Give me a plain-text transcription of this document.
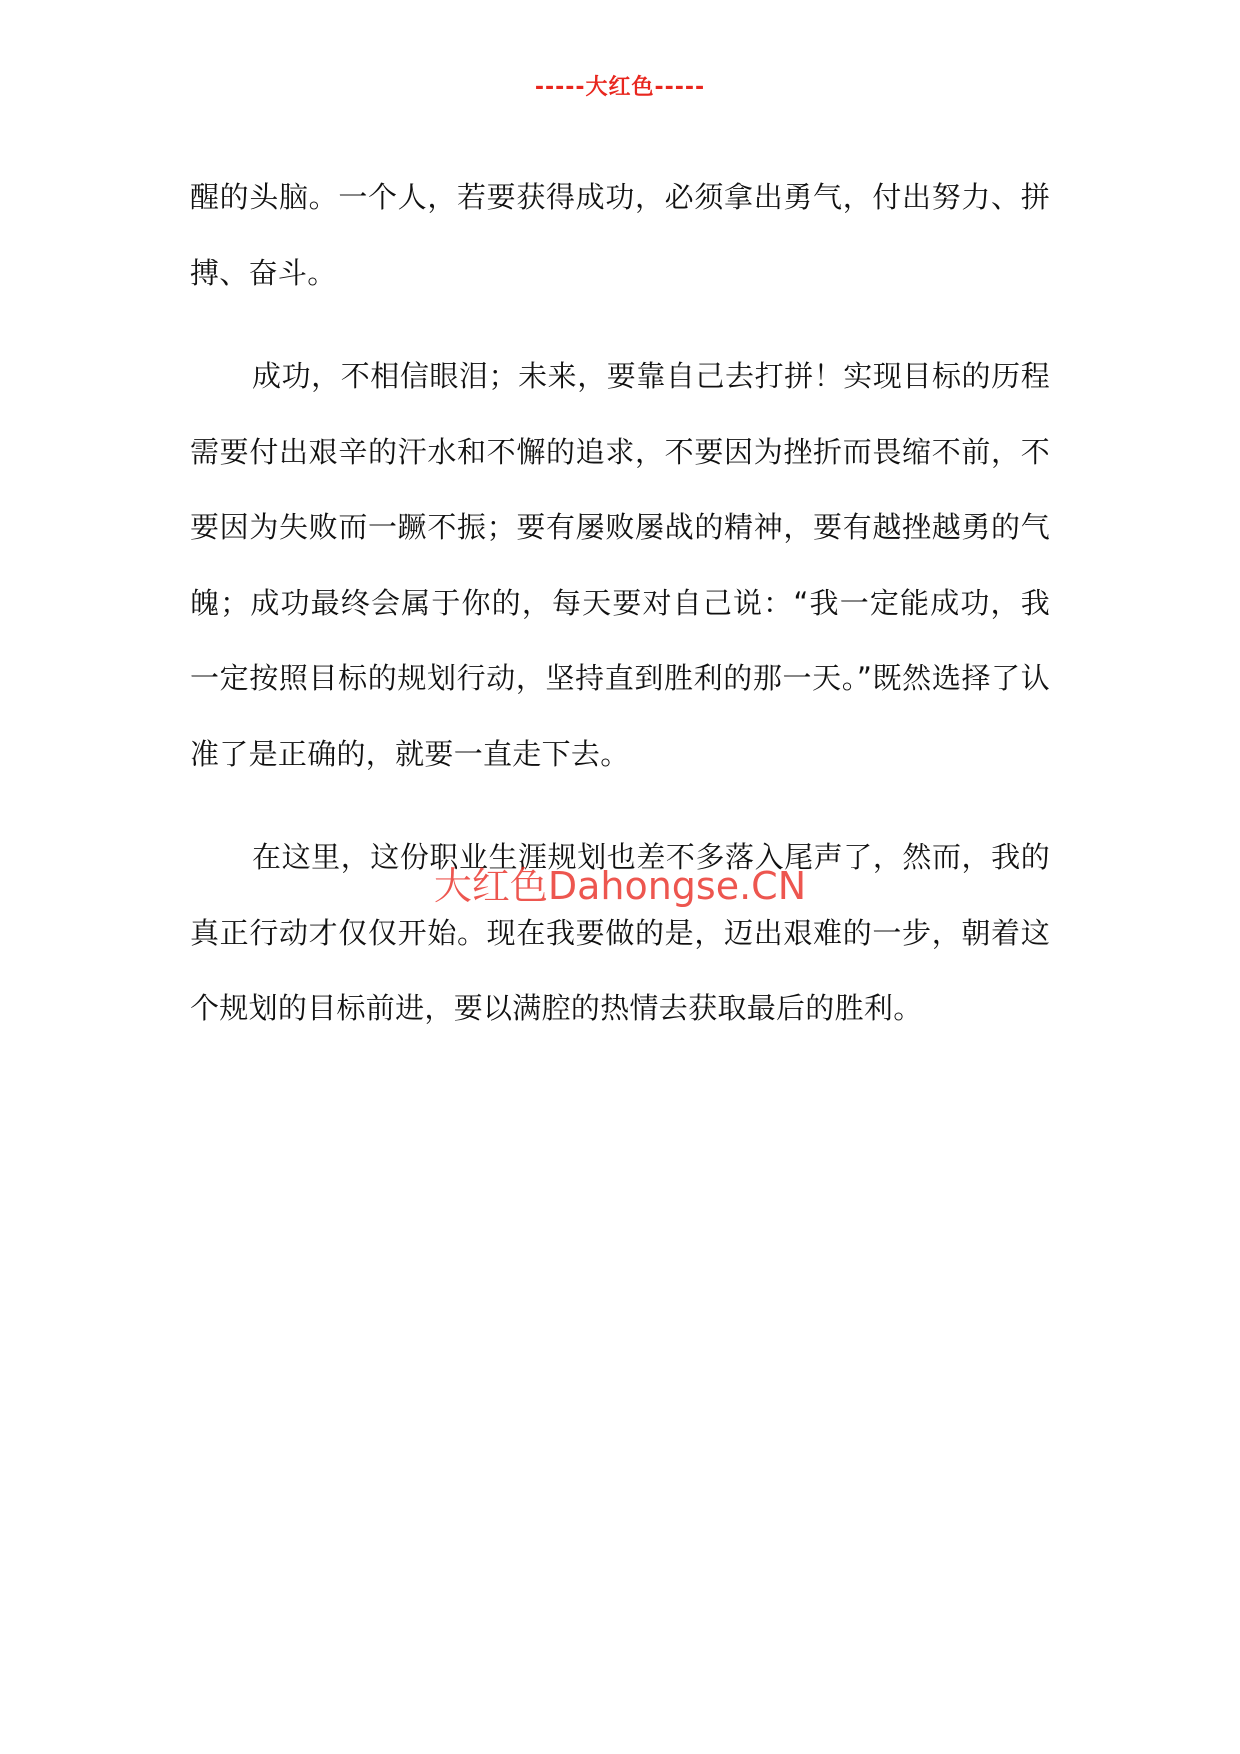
-----大红色-----

醒的头脑。一个人，若要获得成功，必须拿出勇气，付出努力、拼搏、奋斗。

成功，不相信眼泪；未来，要靠自己去打拼！实现目标的历程需要付出艰辛的汗水和不懈的追求，不要因为挫折而畏缩不前，不要因为失败而一蹶不振；要有屡败屡战的精神，要有越挫越勇的气魄；成功最终会属于你的，每天要对自己说：“我一定能成功，我一定按照目标的规划行动，坚持直到胜利的那一天。”既然选择了认准了是正确的，就要一直走下去。

在这里，这份职业生涯规划也差不多落入尾声了，然而，我的真正行动才仅仅开始。现在我要做的是，迈出艰难的一步，朝着这个规划的目标前进，要以满腔的热情去获取最后的胜利。

大红色Dahongse.CN
